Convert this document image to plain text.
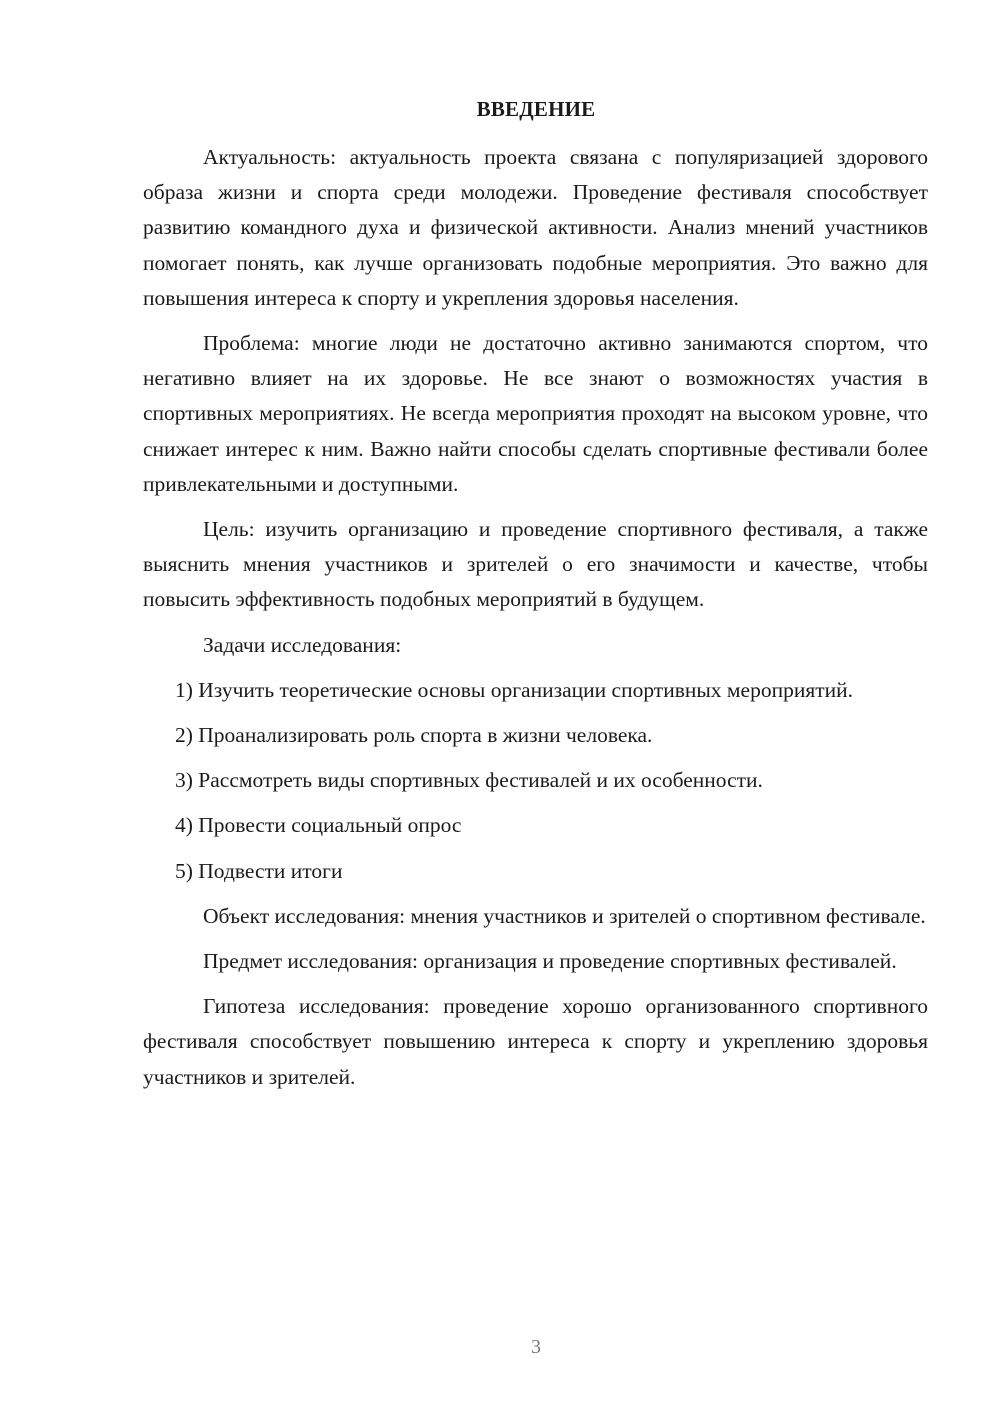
ВВЕДЕНИЕ

Актуальность: актуальность проекта связана с популяризацией здорового образа жизни и спорта среди молодежи. Проведение фестиваля способствует развитию командного духа и физической активности. Анализ мнений участников помогает понять, как лучше организовать подобные мероприятия. Это важно для повышения интереса к спорту и укрепления здоровья населения.

Проблема: многие люди не достаточно активно занимаются спортом, что негативно влияет на их здоровье. Не все знают о возможностях участия в спортивных мероприятиях. Не всегда мероприятия проходят на высоком уровне, что снижает интерес к ним. Важно найти способы сделать спортивные фестивали более привлекательными и доступными.

Цель: изучить организацию и проведение спортивного фестиваля, а также выяснить мнения участников и зрителей о его значимости и качестве, чтобы повысить эффективность подобных мероприятий в будущем.

Задачи исследования:

1) Изучить теоретические основы организации спортивных мероприятий.

2) Проанализировать роль спорта в жизни человека.

3) Рассмотреть виды спортивных фестивалей и их особенности.

4) Провести социальный опрос

5) Подвести итоги

Объект исследования: мнения участников и зрителей о спортивном фестивале.

Предмет исследования: организация и проведение спортивных фестивалей.

Гипотеза исследования: проведение хорошо организованного спортивного фестиваля способствует повышению интереса к спорту и укреплению здоровья участников и зрителей.

3
